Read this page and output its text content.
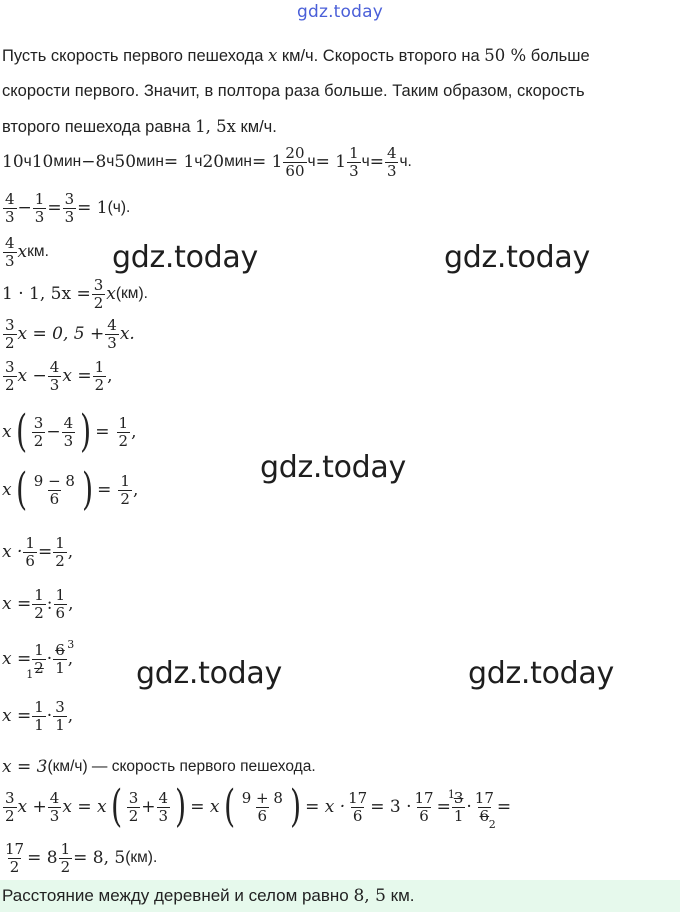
gdz.today

Пусть скорость первого пешехода x км/ч. Скорость второго на 50 % больше

скорости первого. Значит, в полтора раза больше. Таким образом, скорость

второго пешехода равна 1, 5x км/ч.

10 ч 10 мин −8 ч 50 мин = 1 ч 20 мин = $1 \frac{20}{60}$ $ч = 1 \frac{1}{3}$ $ч = \frac{4}{3} ч$.
$\frac{4}{3} - \frac{1}{3} = \frac{3}{3} = 1$ (ч).
$\frac{4}{3}$ x км.
1 · 1, $5x = \frac{3}{2}$ x (км).
$\frac{3}{2}$ x = 0, $5 + \frac{4}{3} x$.
$\frac{3}{2}$ $x - \frac{4}{3}$ $x = \frac{1}{2}$ ,
x ( $\frac{3}{2} - \frac{4}{3}$ ) = $\frac{1}{2}$ ,
x ( $\frac{9 - 8}{6}$ ) = $\frac{1}{2}$ ,
$x \cdot \frac{1}{6} = \frac{1}{2}$ ,
$x = \frac{1}{2}$ : $\frac{1}{6}$ ,
x = 1
2
1
· 6
1
3
,
$x = \frac{1}{1} \cdot \frac{3}{1}$ ,
x = 3 (км/ч) — скорость первого пешехода.
$\frac{3}{2}$ $x + \frac{4}{3}$ x = x ( $\frac{3}{2} + \frac{4}{3}$ ) = x ( $\frac{9 + 8}{6}$ ) = $x \cdot \frac{17}{6} = 3 \cdot \frac{17}{6} = 3$
1
1
· 17
6 2
=
$\frac{17}{2} = 8 \frac{1}{2} = 8$, 5 (км).
Расстояние между деревней и селом равно 8, 5 км.
gdz.today	gdz.today
gdz.today
gdz.today	gdz.today
